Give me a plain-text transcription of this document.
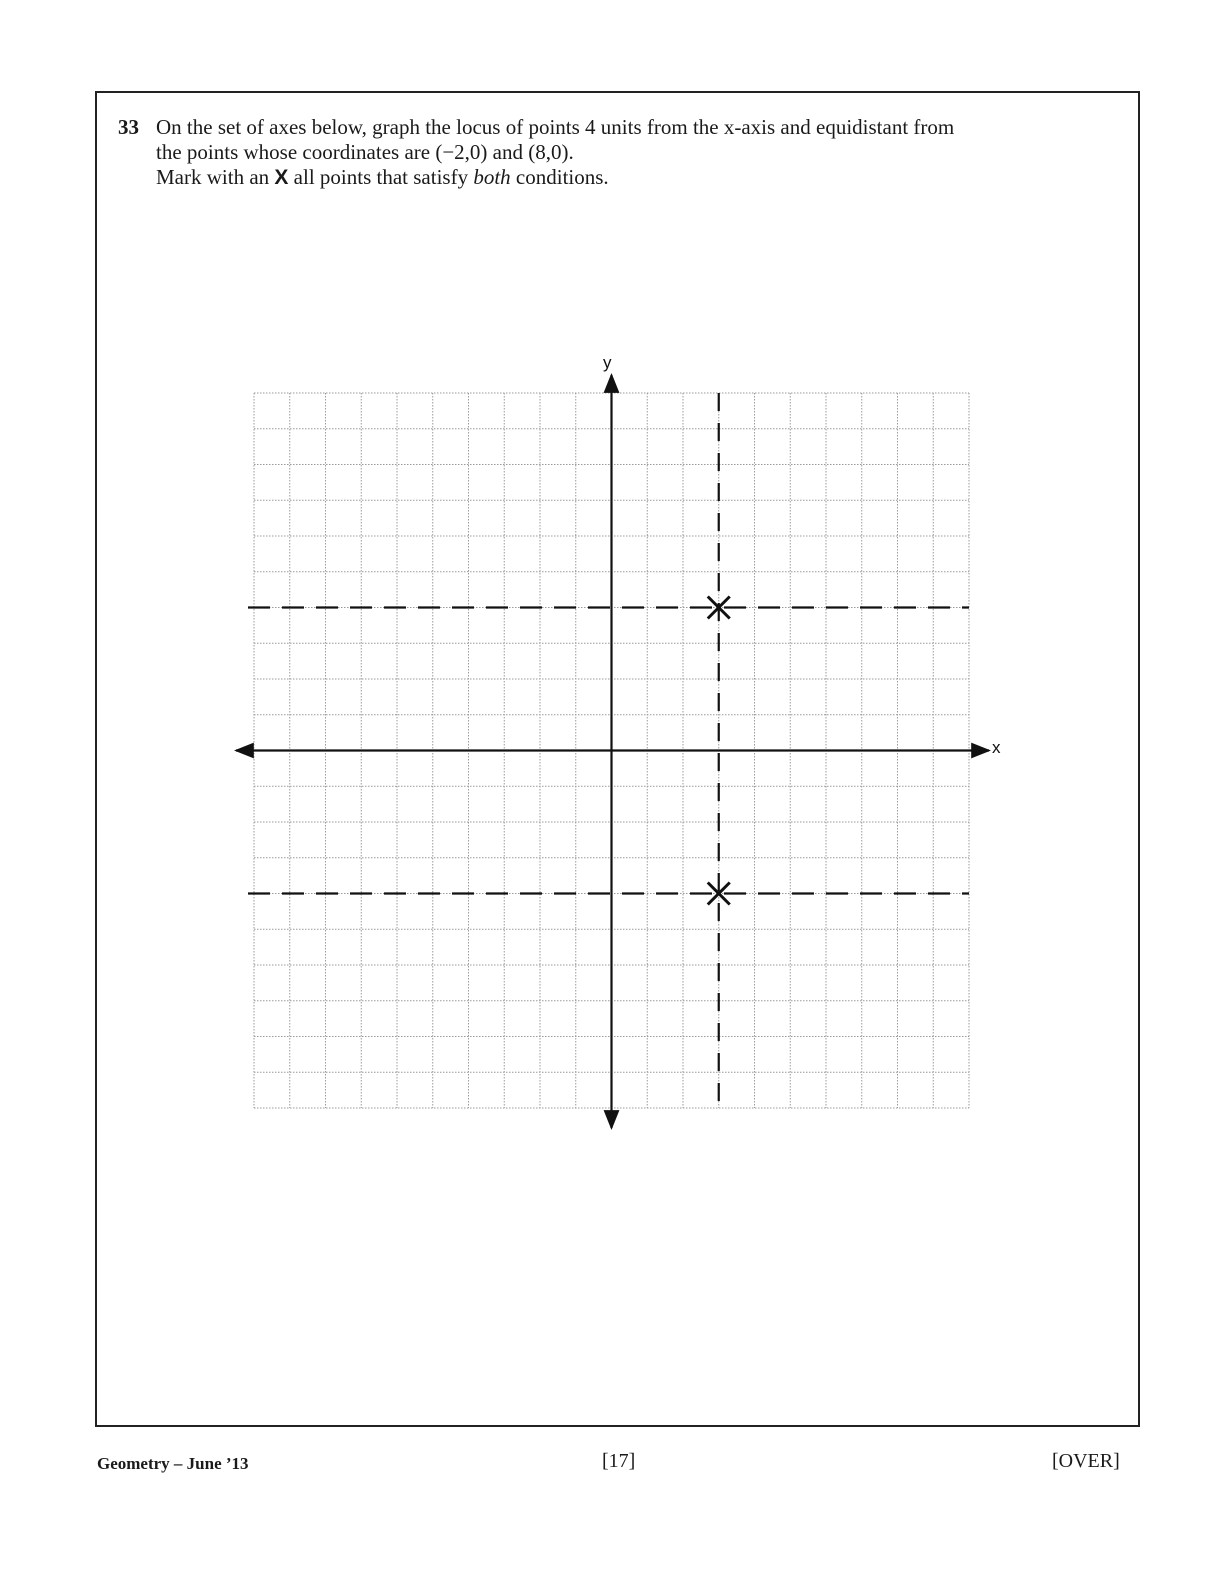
33 On the set of axes below, graph the locus of points 4 units from the x-axis and equidistant from
the points whose coordinates are (−2,0) and (8,0).
Mark with an X all points that satisfy both conditions.
x
y
Geometry – June ’13	[17]	[OVER]
